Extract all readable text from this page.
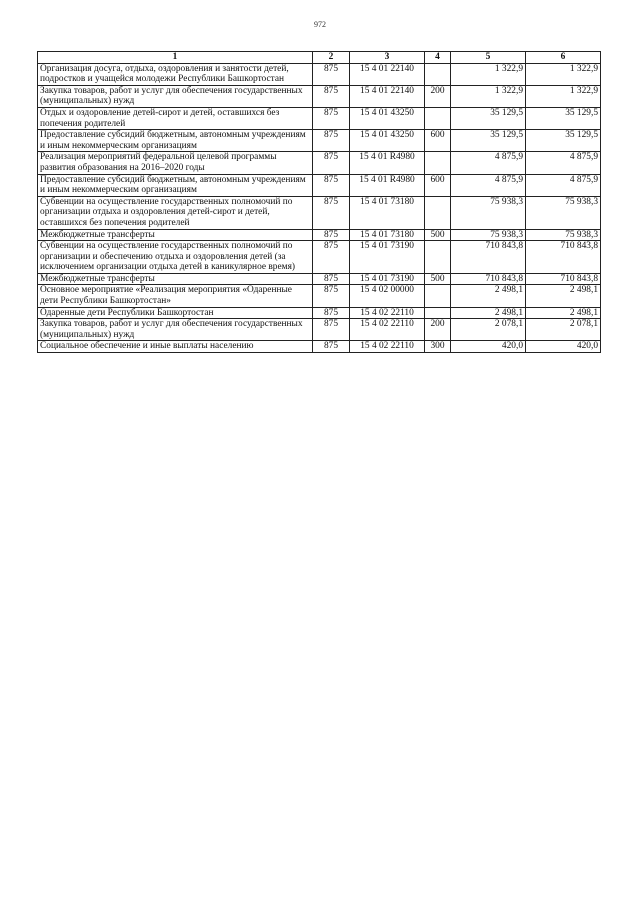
972
1	2	3	4	5	6
Организация досуга, отдыха, оздоровления и занятости детей, подростков и учащейся молодежи Республики Башкортостан	875	15 4 01 22140		1 322,9	1 322,9
Закупка товаров, работ и услуг для обеспечения государственных (муниципальных) нужд	875	15 4 01 22140	200	1 322,9	1 322,9
Отдых и оздоровление детей-сирот и детей, оставшихся без попечения родителей	875	15 4 01 43250		35 129,5	35 129,5
Предоставление субсидий бюджетным, автономным учреждениям и иным некоммерческим организациям	875	15 4 01 43250	600	35 129,5	35 129,5
Реализация мероприятий федеральной целевой программы развития образования на 2016–2020 годы	875	15 4 01 R4980		4 875,9	4 875,9
Предоставление субсидий бюджетным, автономным учреждениям и иным некоммерческим организациям	875	15 4 01 R4980	600	4 875,9	4 875,9
Субвенции на осуществление государственных полномочий по организации отдыха и оздоровления детей-сирот и детей, оставшихся без попечения родителей	875	15 4 01 73180		75 938,3	75 938,3
Межбюджетные трансферты	875	15 4 01 73180	500	75 938,3	75 938,3
Субвенции на осуществление государственных полномочий по организации и обеспечению отдыха и оздоровления детей (за исключением организации отдыха детей в каникулярное время)	875	15 4 01 73190		710 843,8	710 843,8
Межбюджетные трансферты	875	15 4 01 73190	500	710 843,8	710 843,8
Основное мероприятие «Реализация мероприятия «Одаренные дети Республики Башкортостан»	875	15 4 02 00000		2 498,1	2 498,1
Одаренные дети Республики Башкортостан	875	15 4 02 22110		2 498,1	2 498,1
Закупка товаров, работ и услуг для обеспечения государственных (муниципальных) нужд	875	15 4 02 22110	200	2 078,1	2 078,1
Социальное обеспечение и иные выплаты населению	875	15 4 02 22110	300	420,0	420,0
